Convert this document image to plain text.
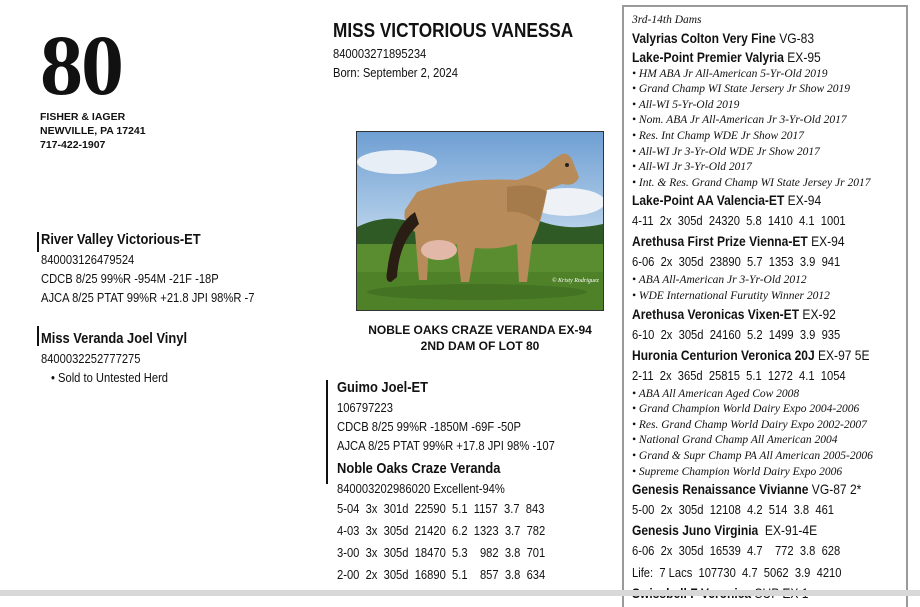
80
FISHER & IAGER
NEWVILLE, PA 17241
717-422-1907
MISS VICTORIOUS VANESSA
840003271895234
Born: September 2, 2024
River Valley Victorious-ET
840003126479524
CDCB 8/25 99%R -954M -21F -18P
AJCA 8/25 PTAT 99%R +21.8 JPI 98%R -7
Miss Veranda Joel Vinyl
8400032252777275
• Sold to Untested Herd
© Kristy Rodriguez
NOBLE OAKS CRAZE VERANDA EX-94
2ND DAM OF LOT 80
Guimo Joel-ET
106797223
CDCB 8/25 99%R -1850M -69F -50P
AJCA 8/25 PTAT 99%R +17.8 JPI 98% -107
Noble Oaks Craze Veranda
840003202986020 Excellent-94%
5-04  3x  301d  22590  5.1  1157  3.7  843
4-03  3x  305d  21420  6.2  1323  3.7  782
3-00  3x  305d  18470  5.3    982  3.8  701
2-00  2x  305d  16890  5.1    857  3.8  634
3rd-14th Dams
Valyrias Colton Very Fine VG-83
Lake-Point Premier Valyria EX-95
• HM ABA Jr All-American 5-Yr-Old 2019
• Grand Champ WI State Jersery Jr Show 2019
• All-WI 5-Yr-Old 2019
• Nom. ABA Jr All-American Jr 3-Yr-Old 2017
• Res. Int Champ WDE Jr Show 2017
• All-WI Jr 3-Yr-Old WDE Jr Show 2017
• All-WI Jr 3-Yr-Old 2017
• Int. & Res. Grand Champ WI State Jersey Jr 2017
Lake-Point AA Valencia-ET EX-94
4-11  2x  305d  24320  5.8  1410  4.1  1001
Arethusa First Prize Vienna-ET EX-94
6-06  2x  305d  23890  5.7  1353  3.9  941
• ABA All-American Jr 3-Yr-Old 2012
• WDE International Furutity Winner 2012
Arethusa Veronicas Vixen-ET EX-92
6-10  2x  305d  24160  5.2  1499  3.9  935
Huronia Centurion Veronica 20J EX-97 5E
2-11  2x  365d  25815  5.1  1272  4.1  1054
• ABA All American Aged Cow 2008
• Grand Champion World Dairy Expo 2004-2006
• Res. Grand Champ World Dairy Expo 2002-2007
• National Grand Champ All American 2004
• Grand & Supr Champ PA All American 2005-2006
• Supreme Champion World Dairy Expo 2006
Genesis Renaissance Vivianne VG-87 2*
5-00  2x  305d  12108  4.2  514  3.8  461
Genesis Juno Virginia  EX-91-4E
6-06  2x  305d  16539  4.7    772  3.8  628
Life:  7 Lacs  107730  4.7  5062  3.9  4210
